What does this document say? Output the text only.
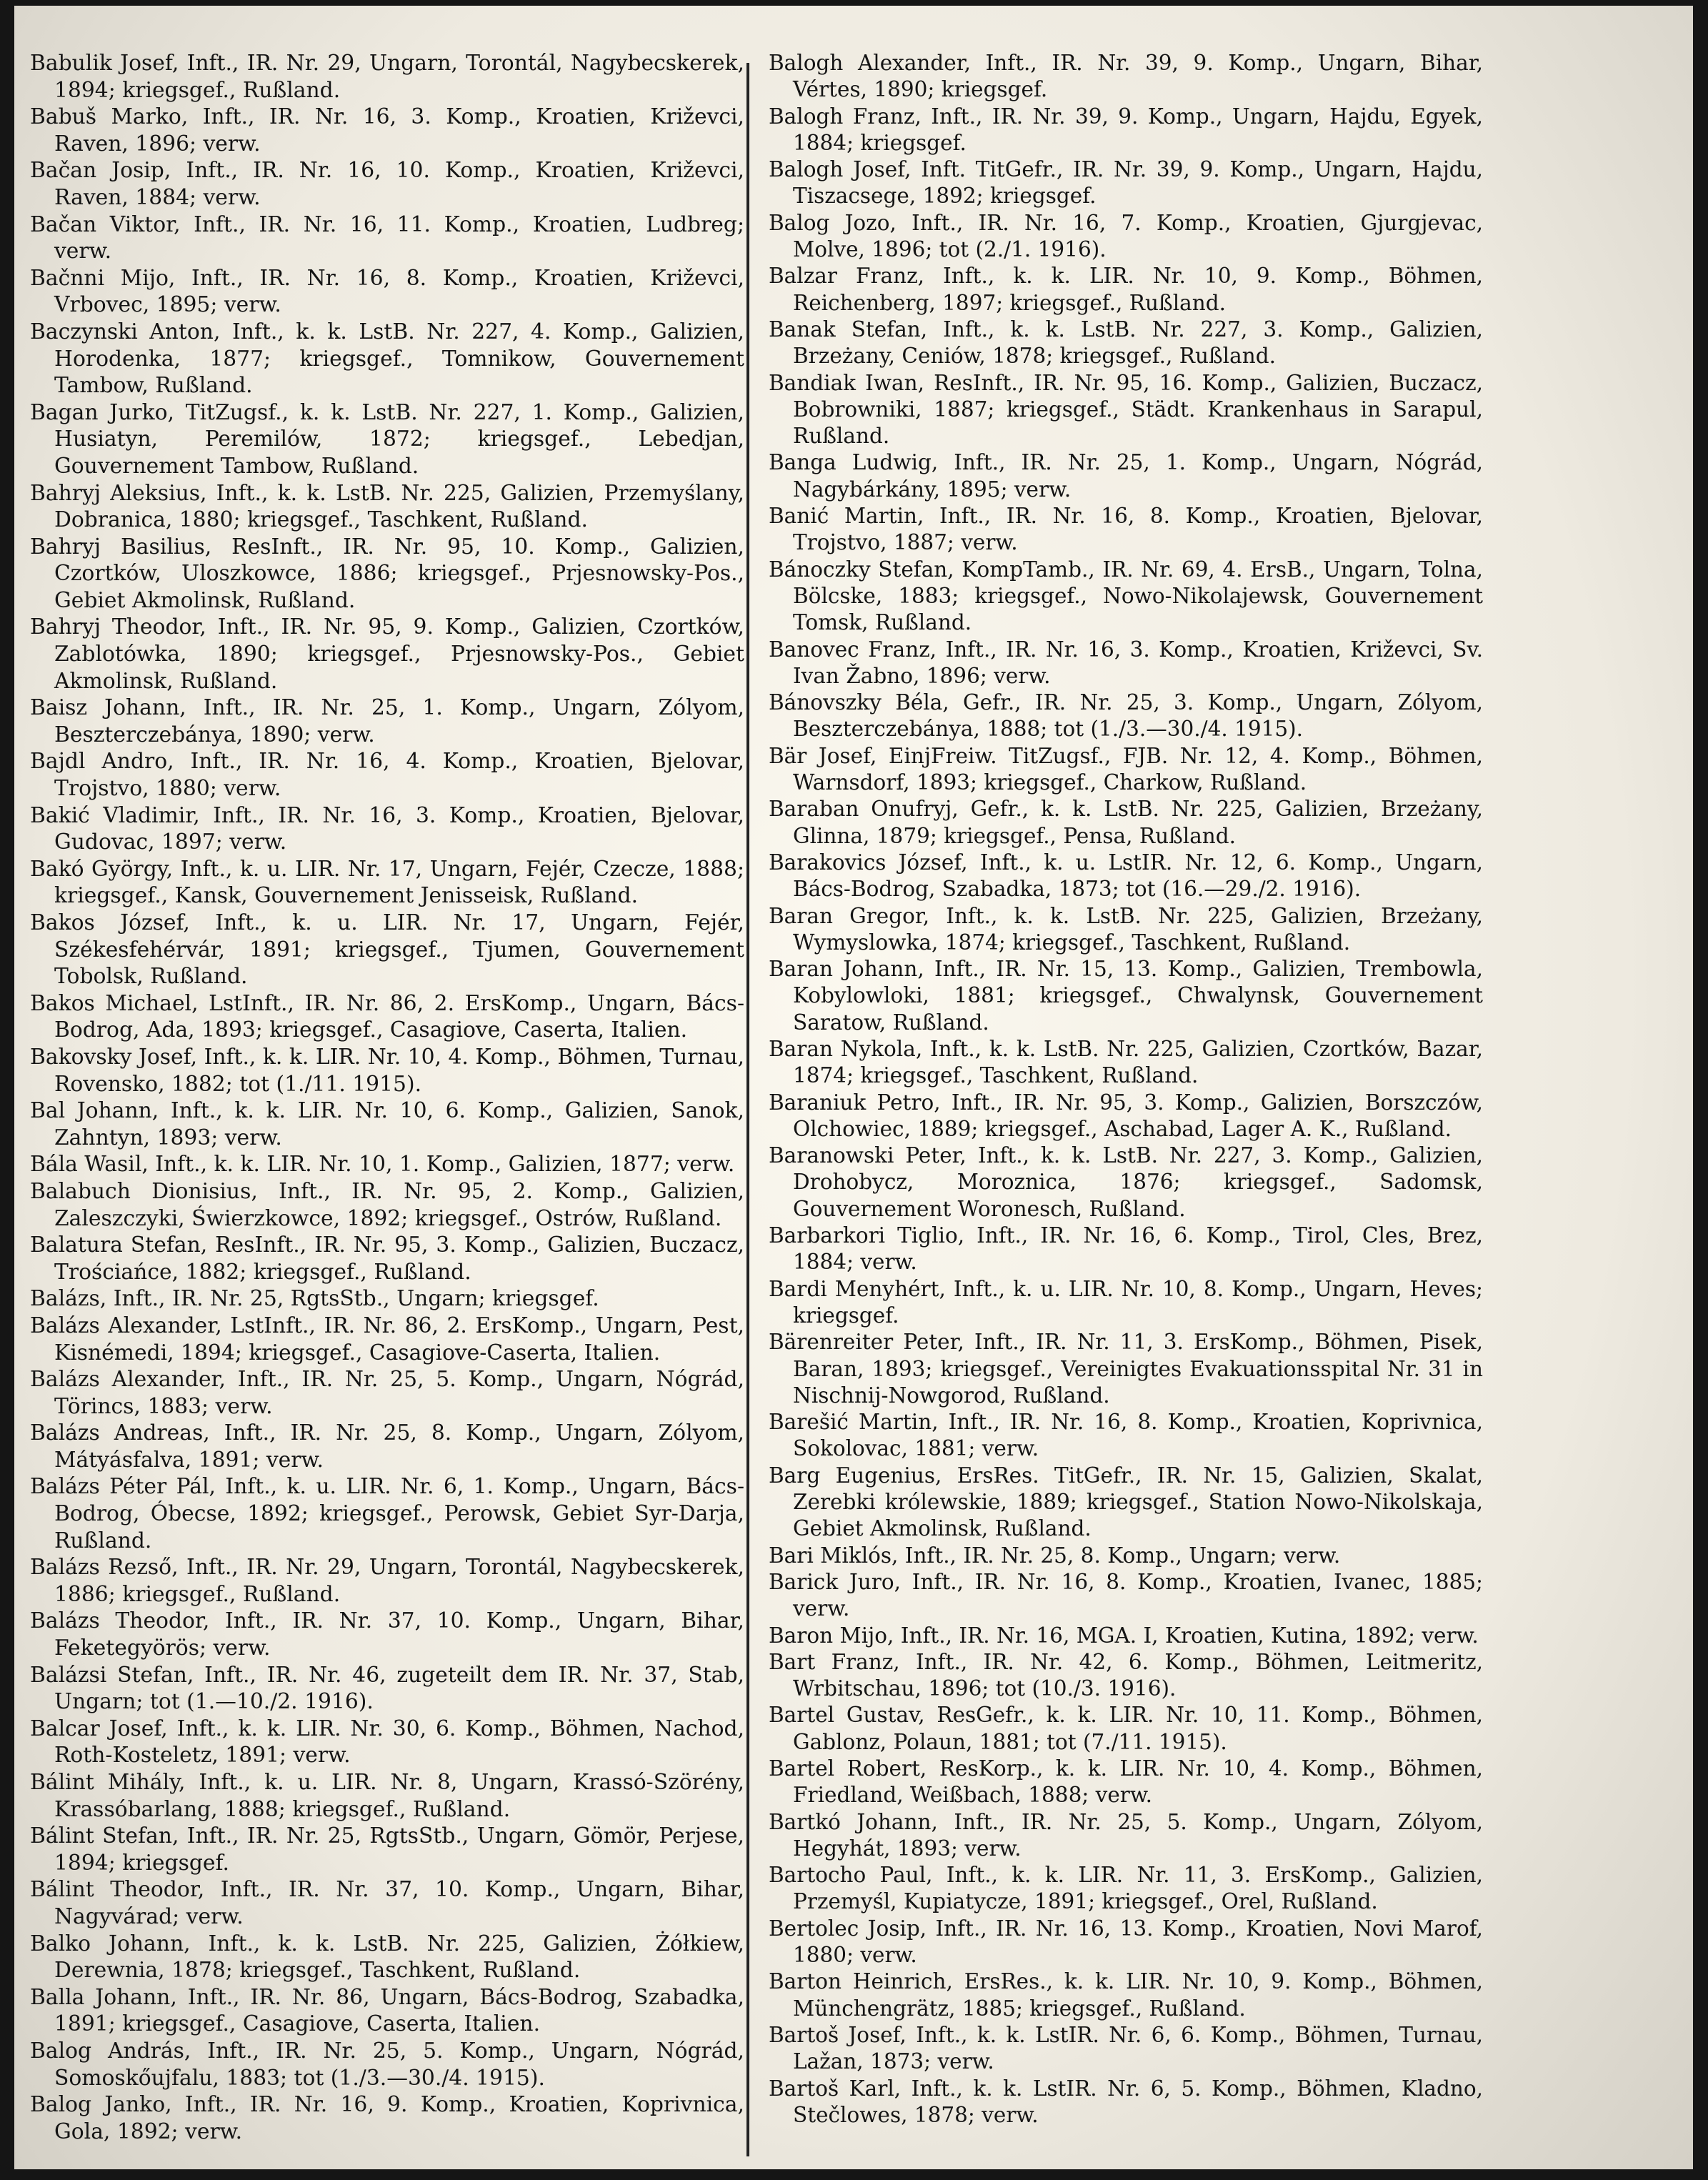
Babulik Josef, Inft., IR. Nr. 29, Ungarn, Torontál, Nagybecskerek, 1894; kriegsgef., Rußland.

Babuš Marko, Inft., IR. Nr. 16, 3. Komp., Kroatien, Križevci, Raven, 1896; verw.

Bačan Josip, Inft., IR. Nr. 16, 10. Komp., Kroatien, Križevci, Raven, 1884; verw.

Bačan Viktor, Inft., IR. Nr. 16, 11. Komp., Kroatien, Ludbreg; verw.

Bačnni Mijo, Inft., IR. Nr. 16, 8. Komp., Kroatien, Križevci, Vrbovec, 1895; verw.

Baczynski Anton, Inft., k. k. LstB. Nr. 227, 4. Komp., Galizien, Horodenka, 1877; kriegsgef., Tomnikow, Gouvernement Tambow, Rußland.

Bagan Jurko, TitZugsf., k. k. LstB. Nr. 227, 1. Komp., Galizien, Husiatyn, Peremilów, 1872; kriegsgef., Lebedjan, Gouvernement Tambow, Rußland.

Bahryj Aleksius, Inft., k. k. LstB. Nr. 225, Galizien, Przemyślany, Dobranica, 1880; kriegsgef., Taschkent, Rußland.

Bahryj Basilius, ResInft., IR. Nr. 95, 10. Komp., Galizien, Czortków, Uloszkowce, 1886; kriegsgef., Prjesnowsky-Pos., Gebiet Akmolinsk, Rußland.

Bahryj Theodor, Inft., IR. Nr. 95, 9. Komp., Galizien, Czortków, Zablotówka, 1890; kriegsgef., Prjesnowsky-Pos., Gebiet Akmolinsk, Rußland.

Baisz Johann, Inft., IR. Nr. 25, 1. Komp., Ungarn, Zólyom, Beszterczebánya, 1890; verw.

Bajdl Andro, Inft., IR. Nr. 16, 4. Komp., Kroatien, Bjelovar, Trojstvo, 1880; verw.

Bakić Vladimir, Inft., IR. Nr. 16, 3. Komp., Kroatien, Bjelovar, Gudovac, 1897; verw.

Bakó György, Inft., k. u. LIR. Nr. 17, Ungarn, Fejér, Czecze, 1888; kriegsgef., Kansk, Gouvernement Jenisseisk, Rußland.

Bakos József, Inft., k. u. LIR. Nr. 17, Ungarn, Fejér, Székesfehérvár, 1891; kriegsgef., Tjumen, Gouvernement Tobolsk, Rußland.

Bakos Michael, LstInft., IR. Nr. 86, 2. ErsKomp., Ungarn, Bács-Bodrog, Ada, 1893; kriegsgef., Casagiove, Caserta, Italien.

Bakovsky Josef, Inft., k. k. LIR. Nr. 10, 4. Komp., Böhmen, Turnau, Rovensko, 1882; tot (1./11. 1915).

Bal Johann, Inft., k. k. LIR. Nr. 10, 6. Komp., Galizien, Sanok, Zahntyn, 1893; verw.

Bála Wasil, Inft., k. k. LIR. Nr. 10, 1. Komp., Galizien, 1877; verw.

Balabuch Dionisius, Inft., IR. Nr. 95, 2. Komp., Galizien, Zaleszczyki, Świerzkowce, 1892; kriegsgef., Ostrów, Rußland.

Balatura Stefan, ResInft., IR. Nr. 95, 3. Komp., Galizien, Buczacz, Trościańce, 1882; kriegsgef., Rußland.

Balázs, Inft., IR. Nr. 25, RgtsStb., Ungarn; kriegsgef.

Balázs Alexander, LstInft., IR. Nr. 86, 2. ErsKomp., Ungarn, Pest, Kisnémedi, 1894; kriegsgef., Casagiove-Caserta, Italien.

Balázs Alexander, Inft., IR. Nr. 25, 5. Komp., Ungarn, Nógrád, Törincs, 1883; verw.

Balázs Andreas, Inft., IR. Nr. 25, 8. Komp., Ungarn, Zólyom, Mátyásfalva, 1891; verw.

Balázs Péter Pál, Inft., k. u. LIR. Nr. 6, 1. Komp., Ungarn, Bács-Bodrog, Óbecse, 1892; kriegsgef., Perowsk, Gebiet Syr-Darja, Rußland.

Balázs Rezső, Inft., IR. Nr. 29, Ungarn, Torontál, Nagybecskerek, 1886; kriegsgef., Rußland.

Balázs Theodor, Inft., IR. Nr. 37, 10. Komp., Ungarn, Bihar, Feketegyörös; verw.

Balázsi Stefan, Inft., IR. Nr. 46, zugeteilt dem IR. Nr. 37, Stab, Ungarn; tot (1.—10./2. 1916).

Balcar Josef, Inft., k. k. LIR. Nr. 30, 6. Komp., Böhmen, Nachod, Roth-Kosteletz, 1891; verw.

Bálint Mihály, Inft., k. u. LIR. Nr. 8, Ungarn, Krassó-Szörény, Krassóbarlang, 1888; kriegsgef., Rußland.

Bálint Stefan, Inft., IR. Nr. 25, RgtsStb., Ungarn, Gömör, Perjese, 1894; kriegsgef.

Bálint Theodor, Inft., IR. Nr. 37, 10. Komp., Ungarn, Bihar, Nagyvárad; verw.

Balko Johann, Inft., k. k. LstB. Nr. 225, Galizien, Żółkiew, Derewnia, 1878; kriegsgef., Taschkent, Rußland.

Balla Johann, Inft., IR. Nr. 86, Ungarn, Bács-Bodrog, Szabadka, 1891; kriegsgef., Casagiove, Caserta, Italien.

Balog András, Inft., IR. Nr. 25, 5. Komp., Ungarn, Nógrád, Somoskőujfalu, 1883; tot (1./3.—30./4. 1915).

Balog Janko, Inft., IR. Nr. 16, 9. Komp., Kroatien, Koprivnica, Gola, 1892; verw.

Balogh Alexander, Inft., IR. Nr. 39, 9. Komp., Ungarn, Bihar, Vértes, 1890; kriegsgef.

Balogh Franz, Inft., IR. Nr. 39, 9. Komp., Ungarn, Hajdu, Egyek, 1884; kriegsgef.

Balogh Josef, Inft. TitGefr., IR. Nr. 39, 9. Komp., Ungarn, Hajdu, Tiszacsege, 1892; kriegsgef.

Balog Jozo, Inft., IR. Nr. 16, 7. Komp., Kroatien, Gjurgjevac, Molve, 1896; tot (2./1. 1916).

Balzar Franz, Inft., k. k. LIR. Nr. 10, 9. Komp., Böhmen, Reichenberg, 1897; kriegsgef., Rußland.

Banak Stefan, Inft., k. k. LstB. Nr. 227, 3. Komp., Galizien, Brzeżany, Ceniów, 1878; kriegsgef., Rußland.

Bandiak Iwan, ResInft., IR. Nr. 95, 16. Komp., Galizien, Buczacz, Bobrowniki, 1887; kriegsgef., Städt. Krankenhaus in Sarapul, Rußland.

Banga Ludwig, Inft., IR. Nr. 25, 1. Komp., Ungarn, Nógrád, Nagybárkány, 1895; verw.

Banić Martin, Inft., IR. Nr. 16, 8. Komp., Kroatien, Bjelovar, Trojstvo, 1887; verw.

Bánoczky Stefan, KompTamb., IR. Nr. 69, 4. ErsB., Ungarn, Tolna, Bölcske, 1883; kriegsgef., Nowo-Nikolajewsk, Gouvernement Tomsk, Rußland.

Banovec Franz, Inft., IR. Nr. 16, 3. Komp., Kroatien, Križevci, Sv. Ivan Žabno, 1896; verw.

Bánovszky Béla, Gefr., IR. Nr. 25, 3. Komp., Ungarn, Zólyom, Beszterczebánya, 1888; tot (1./3.—30./4. 1915).

Bär Josef, EinjFreiw. TitZugsf., FJB. Nr. 12, 4. Komp., Böhmen, Warnsdorf, 1893; kriegsgef., Charkow, Rußland.

Baraban Onufryj, Gefr., k. k. LstB. Nr. 225, Galizien, Brzeżany, Glinna, 1879; kriegsgef., Pensa, Rußland.

Barakovics József, Inft., k. u. LstIR. Nr. 12, 6. Komp., Ungarn, Bács-Bodrog, Szabadka, 1873; tot (16.—29./2. 1916).

Baran Gregor, Inft., k. k. LstB. Nr. 225, Galizien, Brzeżany, Wymyslowka, 1874; kriegsgef., Taschkent, Rußland.

Baran Johann, Inft., IR. Nr. 15, 13. Komp., Galizien, Trembowla, Kobylowloki, 1881; kriegsgef., Chwalynsk, Gouvernement Saratow, Rußland.

Baran Nykola, Inft., k. k. LstB. Nr. 225, Galizien, Czortków, Bazar, 1874; kriegsgef., Taschkent, Rußland.

Baraniuk Petro, Inft., IR. Nr. 95, 3. Komp., Galizien, Borszczów, Olchowiec, 1889; kriegsgef., Aschabad, Lager A. K., Rußland.

Baranowski Peter, Inft., k. k. LstB. Nr. 227, 3. Komp., Galizien, Drohobycz, Moroznica, 1876; kriegsgef., Sadomsk, Gouvernement Woronesch, Rußland.

Barbarkori Tiglio, Inft., IR. Nr. 16, 6. Komp., Tirol, Cles, Brez, 1884; verw.

Bardi Menyhért, Inft., k. u. LIR. Nr. 10, 8. Komp., Ungarn, Heves; kriegsgef.

Bärenreiter Peter, Inft., IR. Nr. 11, 3. ErsKomp., Böhmen, Pisek, Baran, 1893; kriegsgef., Vereinigtes Evakuationsspital Nr. 31 in Nischnij-Nowgorod, Rußland.

Barešić Martin, Inft., IR. Nr. 16, 8. Komp., Kroatien, Koprivnica, Sokolovac, 1881; verw.

Barg Eugenius, ErsRes. TitGefr., IR. Nr. 15, Galizien, Skalat, Zerebki królewskie, 1889; kriegsgef., Station Nowo-Nikolskaja, Gebiet Akmolinsk, Rußland.

Bari Miklós, Inft., IR. Nr. 25, 8. Komp., Ungarn; verw.

Barick Juro, Inft., IR. Nr. 16, 8. Komp., Kroatien, Ivanec, 1885; verw.

Baron Mijo, Inft., IR. Nr. 16, MGA. I, Kroatien, Kutina, 1892; verw.

Bart Franz, Inft., IR. Nr. 42, 6. Komp., Böhmen, Leitmeritz, Wrbitschau, 1896; tot (10./3. 1916).

Bartel Gustav, ResGefr., k. k. LIR. Nr. 10, 11. Komp., Böhmen, Gablonz, Polaun, 1881; tot (7./11. 1915).

Bartel Robert, ResKorp., k. k. LIR. Nr. 10, 4. Komp., Böhmen, Friedland, Weißbach, 1888; verw.

Bartkó Johann, Inft., IR. Nr. 25, 5. Komp., Ungarn, Zólyom, Hegyhát, 1893; verw.

Bartocho Paul, Inft., k. k. LIR. Nr. 11, 3. ErsKomp., Galizien, Przemyśl, Kupiatycze, 1891; kriegsgef., Orel, Rußland.

Bertolec Josip, Inft., IR. Nr. 16, 13. Komp., Kroatien, Novi Marof, 1880; verw.

Barton Heinrich, ErsRes., k. k. LIR. Nr. 10, 9. Komp., Böhmen, Münchengrätz, 1885; kriegsgef., Rußland.

Bartoš Josef, Inft., k. k. LstIR. Nr. 6, 6. Komp., Böhmen, Turnau, Lažan, 1873; verw.

Bartoš Karl, Inft., k. k. LstIR. Nr. 6, 5. Komp., Böhmen, Kladno, Stečlowes, 1878; verw.
